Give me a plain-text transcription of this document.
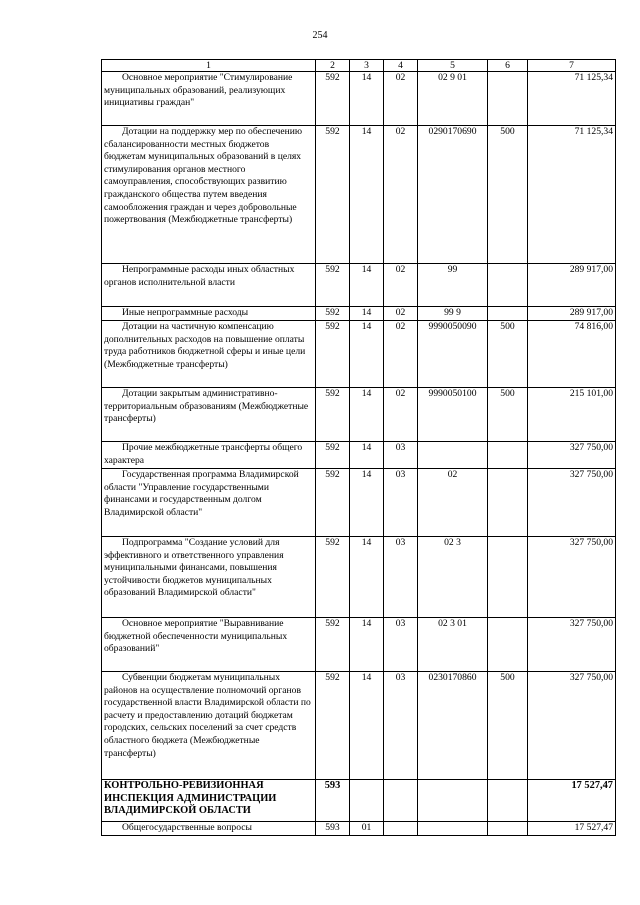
254
1	2	3	4	5	6	7
Основное мероприятие "Стимулирование муниципальных образований, реализующих инициативы граждан"	592	14	02	02 9 01		71 125,34
Дотации на поддержку мер по обеспечению сбалансированности местных бюджетов бюджетам муниципальных образований в целях стимулирования органов местного самоуправления, способствующих развитию гражданского общества путем введения самообложения граждан и через добровольные пожертвования (Межбюджетные трансферты)	592	14	02	0290170690	500	71 125,34
Непрограммные расходы иных областных органов исполнительной власти	592	14	02	99		289 917,00
Иные непрограммные расходы	592	14	02	99 9		289 917,00
Дотации на частичную компенсацию дополнительных расходов на повышение оплаты труда работников бюджетной сферы и иные цели (Межбюджетные трансферты)	592	14	02	9990050090	500	74 816,00
Дотации закрытым административно-территориальным образованиям (Межбюджетные трансферты)	592	14	02	9990050100	500	215 101,00
Прочие межбюджетные трансферты общего характера	592	14	03			327 750,00
Государственная программа Владимирской области "Управление государственными финансами и государственным долгом Владимирской области"	592	14	03	02		327 750,00
Подпрограмма "Создание условий для эффективного и ответственного управления муниципальными финансами, повышения устойчивости бюджетов муниципальных образований Владимирской области"	592	14	03	02 3		327 750,00
Основное мероприятие "Выравнивание бюджетной обеспеченности муниципальных образований"	592	14	03	02 3 01		327 750,00
Субвенции бюджетам муниципальных районов на осуществление полномочий органов государственной власти Владимирской области по расчету и предоставлению дотаций бюджетам городских, сельских поселений за счет средств областного бюджета (Межбюджетные трансферты)	592	14	03	0230170860	500	327 750,00
КОНТРОЛЬНО-РЕВИЗИОННАЯ ИНСПЕКЦИЯ АДМИНИСТРАЦИИ ВЛАДИМИРСКОЙ ОБЛАСТИ	593					17 527,47
Общегосударственные вопросы	593	01				17 527,47
